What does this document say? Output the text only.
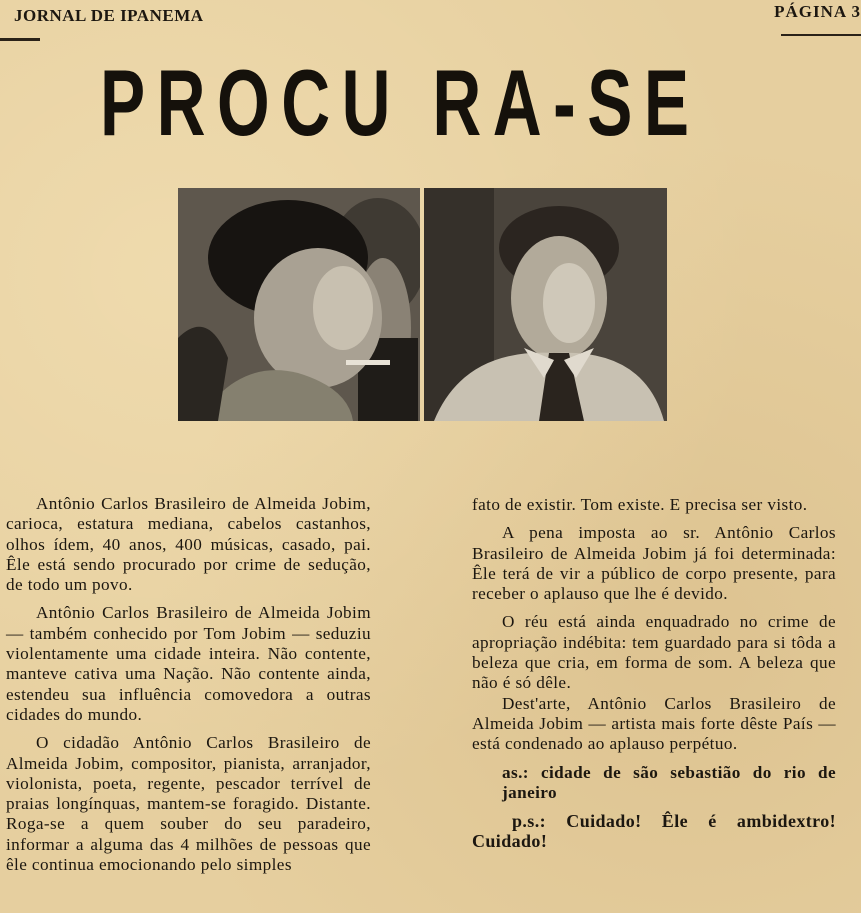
JORNAL DE IPANEMA	PÁGINA 3
PROCU RA-SE

Antônio Carlos Brasileiro de Almeida Jobim, carioca, estatura mediana, cabelos castanhos, olhos ídem, 40 anos, 400 músicas, casado, pai. Êle está sendo procurado por crime de sedução, de todo um povo.

Antônio Carlos Brasileiro de Almeida Jobim — também conhecido por Tom Jobim — seduziu violentamente uma cidade inteira. Não contente, manteve cativa uma Nação. Não contente ainda, estendeu sua influência comovedora a outras cidades do mundo.

O cidadão Antônio Carlos Brasileiro de Almeida Jobim, compositor, pianista, arranjador, violonista, poeta, regente, pescador terrível de praias longínquas, mantem-se foragido. Distante. Roga-se a quem souber do seu paradeiro, informar a alguma das 4 milhões de pessoas que êle continua emocionando pelo simples

fato de existir. Tom existe. E precisa ser visto.

A pena imposta ao sr. Antônio Carlos Brasileiro de Almeida Jobim já foi determinada: Êle terá de vir a público de corpo presente, para receber o aplauso que lhe é devido.

O réu está ainda enquadrado no crime de apropriação indébita: tem guardado para si tôda a beleza que cria, em forma de som. A beleza que não é só dêle.

Dest'arte, Antônio Carlos Brasileiro de Almeida Jobim — artista mais forte dêste País — está condenado ao aplauso perpétuo.

as.: cidade de são sebastião do rio de janeiro

p.s.: Cuidado! Êle é ambidextro! Cuidado!
